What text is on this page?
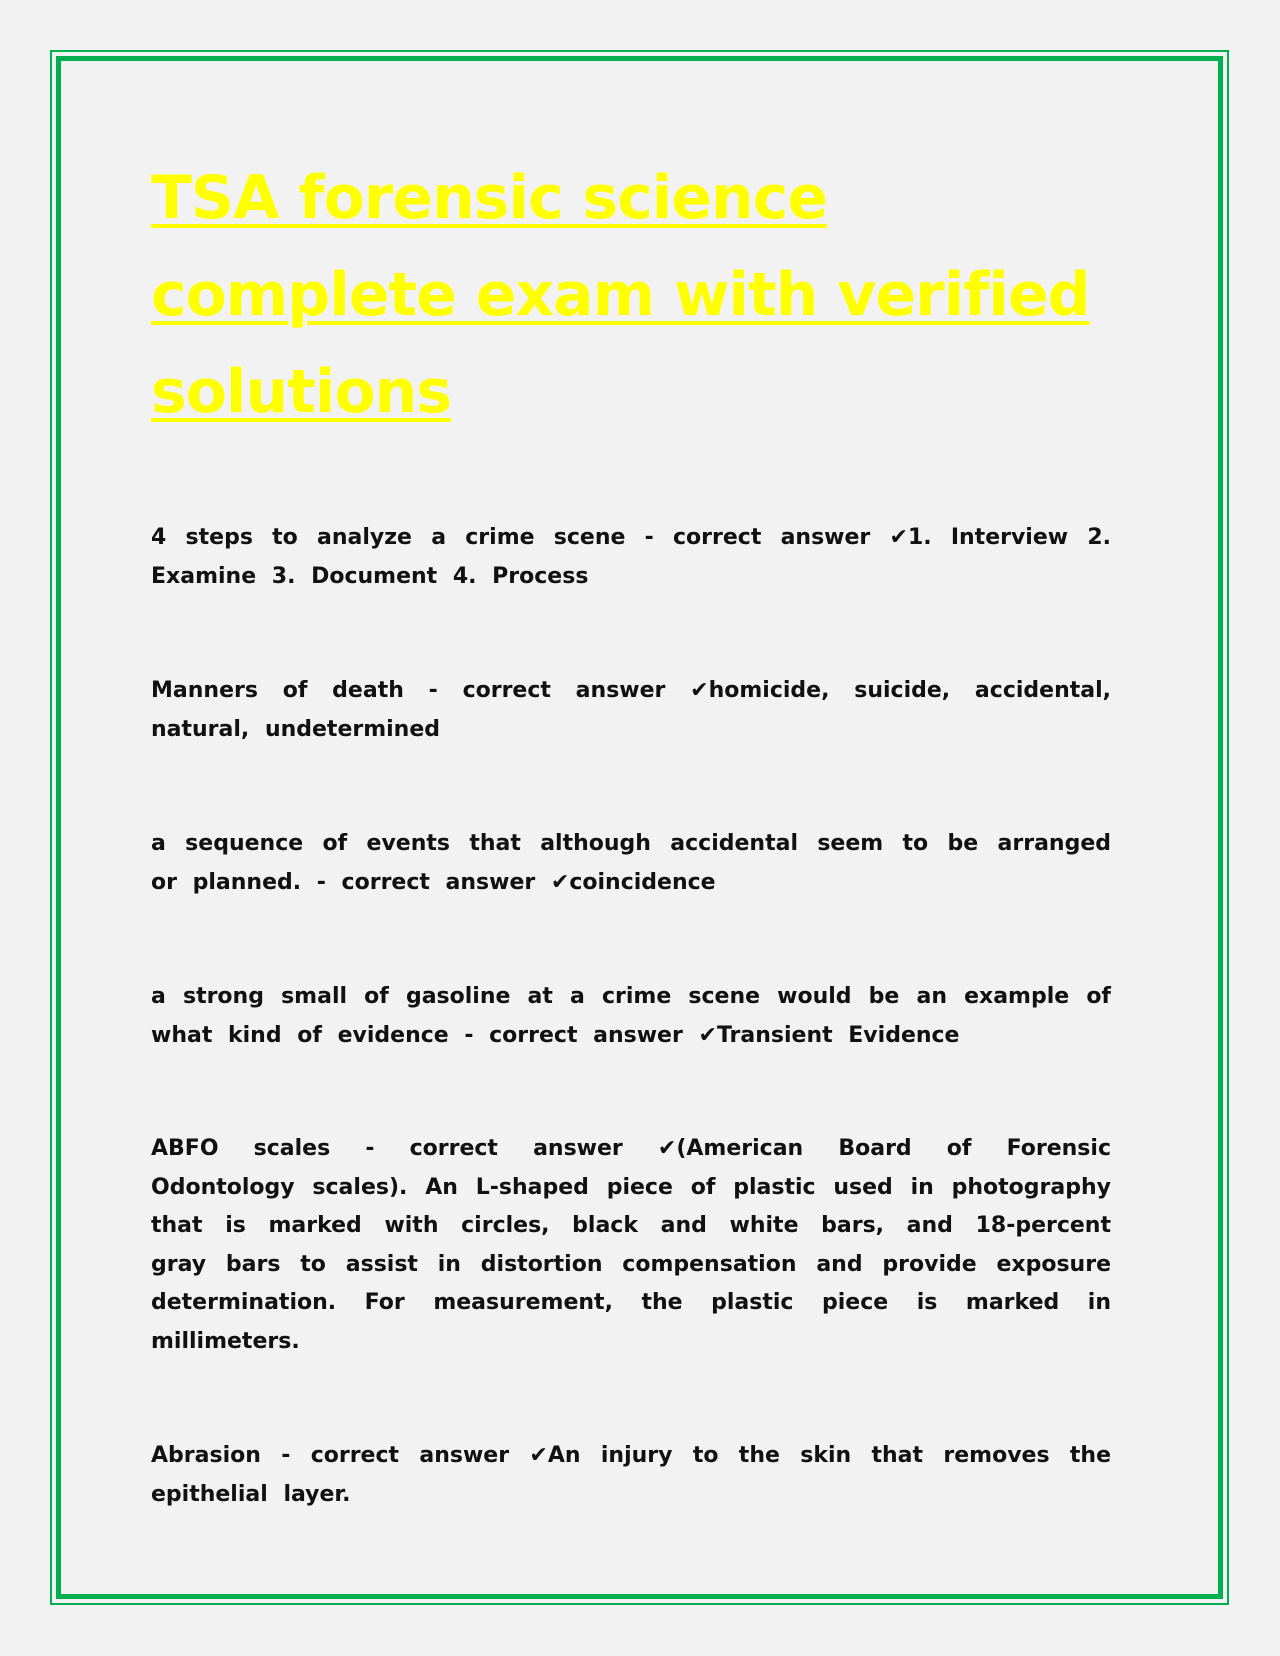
TSA forensic science complete exam with verified solutions

4 steps to analyze a crime scene - correct answer ✔1. Interview 2. Examine 3. Document 4. Process

Manners of death - correct answer ✔homicide, suicide, accidental, natural, undetermined

a sequence of events that although accidental seem to be arranged or planned. - correct answer ✔coincidence

a strong small of gasoline at a crime scene would be an example of what kind of evidence - correct answer ✔Transient Evidence

ABFO scales - correct answer ✔(American Board of Forensic Odontology scales). An L-shaped piece of plastic used in photography that is marked with circles, black and white bars, and 18-percent gray bars to assist in distortion compensation and provide exposure determination. For measurement, the plastic piece is marked in millimeters.

Abrasion - correct answer ✔An injury to the skin that removes the epithelial layer.
